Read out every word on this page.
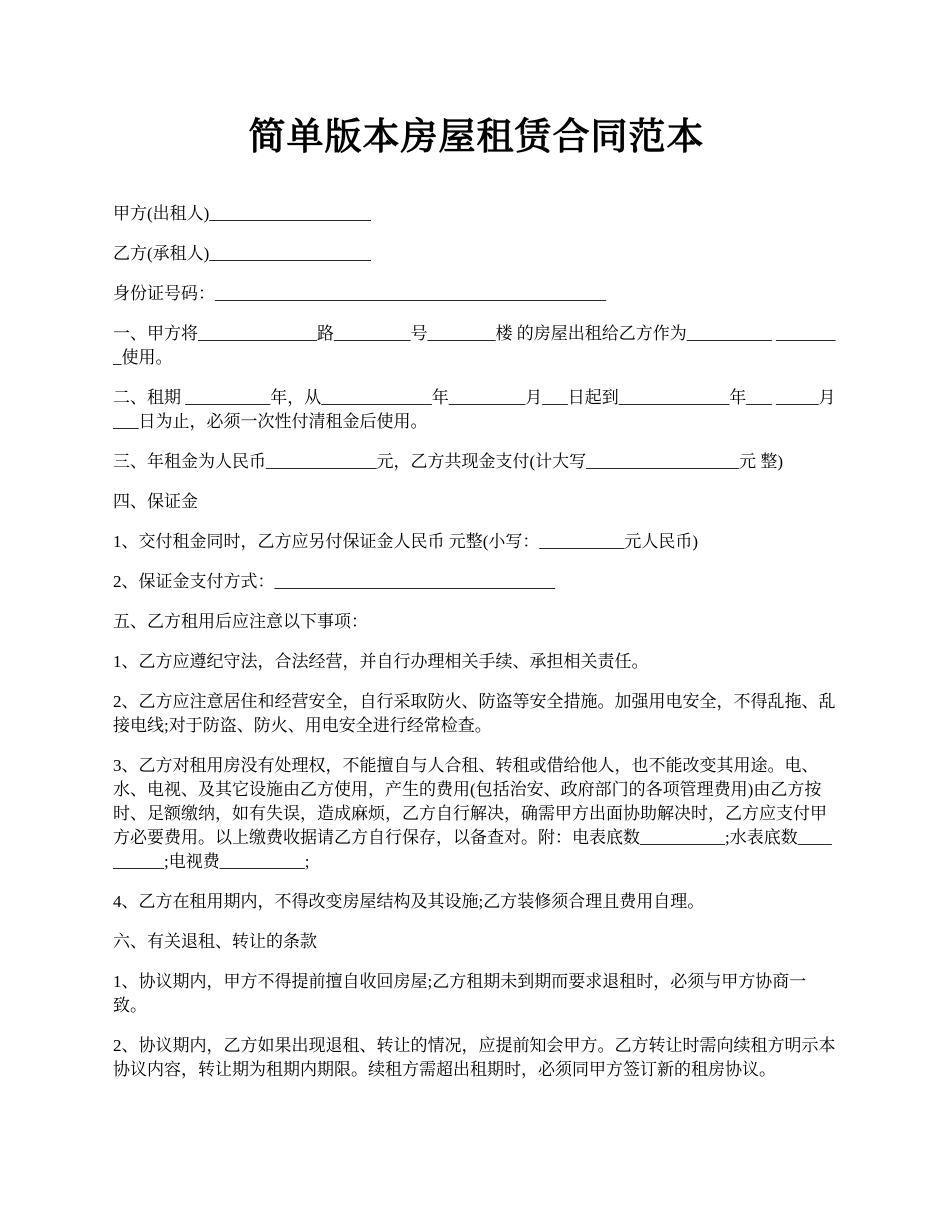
简单版本房屋租赁合同范本
甲方(出租人)___________________
乙方(承租人)___________________
身份证号码：______________________________________________
一、甲方将______________路_________号________楼 的房屋出租给乙方作为__________ ________使用。
二、租期 __________年，从_____________年_________月___日起到_____________年___ _____月___日为止，必须一次性付清租金后使用。
三、年租金为人民币_____________元，乙方共现金支付(计大写__________________元 整)
四、保证金
1、交付租金同时，乙方应另付保证金人民币 元整(小写：__________元人民币)
2、保证金支付方式：_________________________________
五、乙方租用后应注意以下事项：
1、乙方应遵纪守法，合法经营，并自行办理相关手续、承担相关责任。
2、乙方应注意居住和经营安全，自行采取防火、防盗等安全措施。加强用电安全，不得乱拖、乱接电线;对于防盗、防火、用电安全进行经常检查。
3、乙方对租用房没有处理权，不能擅自与人合租、转租或借给他人，也不能改变其用途。电、水、电视、及其它设施由乙方使用，产生的费用(包括治安、政府部门的各项管理费用)由乙方按时、足额缴纳，如有失误，造成麻烦，乙方自行解决，确需甲方出面协助解决时，乙方应支付甲方必要费用。以上缴费收据请乙方自行保存，以备查对。附：电表底数__________;水表底数__________;电视费__________;
4、乙方在租用期内，不得改变房屋结构及其设施;乙方装修须合理且费用自理。
六、有关退租、转让的条款
1、协议期内，甲方不得提前擅自收回房屋;乙方租期未到期而要求退租时，必须与甲方协商一致。
2、协议期内，乙方如果出现退租、转让的情况，应提前知会甲方。乙方转让时需向续租方明示本协议内容，转让期为租期内期限。续租方需超出租期时，必须同甲方签订新的租房协议。
